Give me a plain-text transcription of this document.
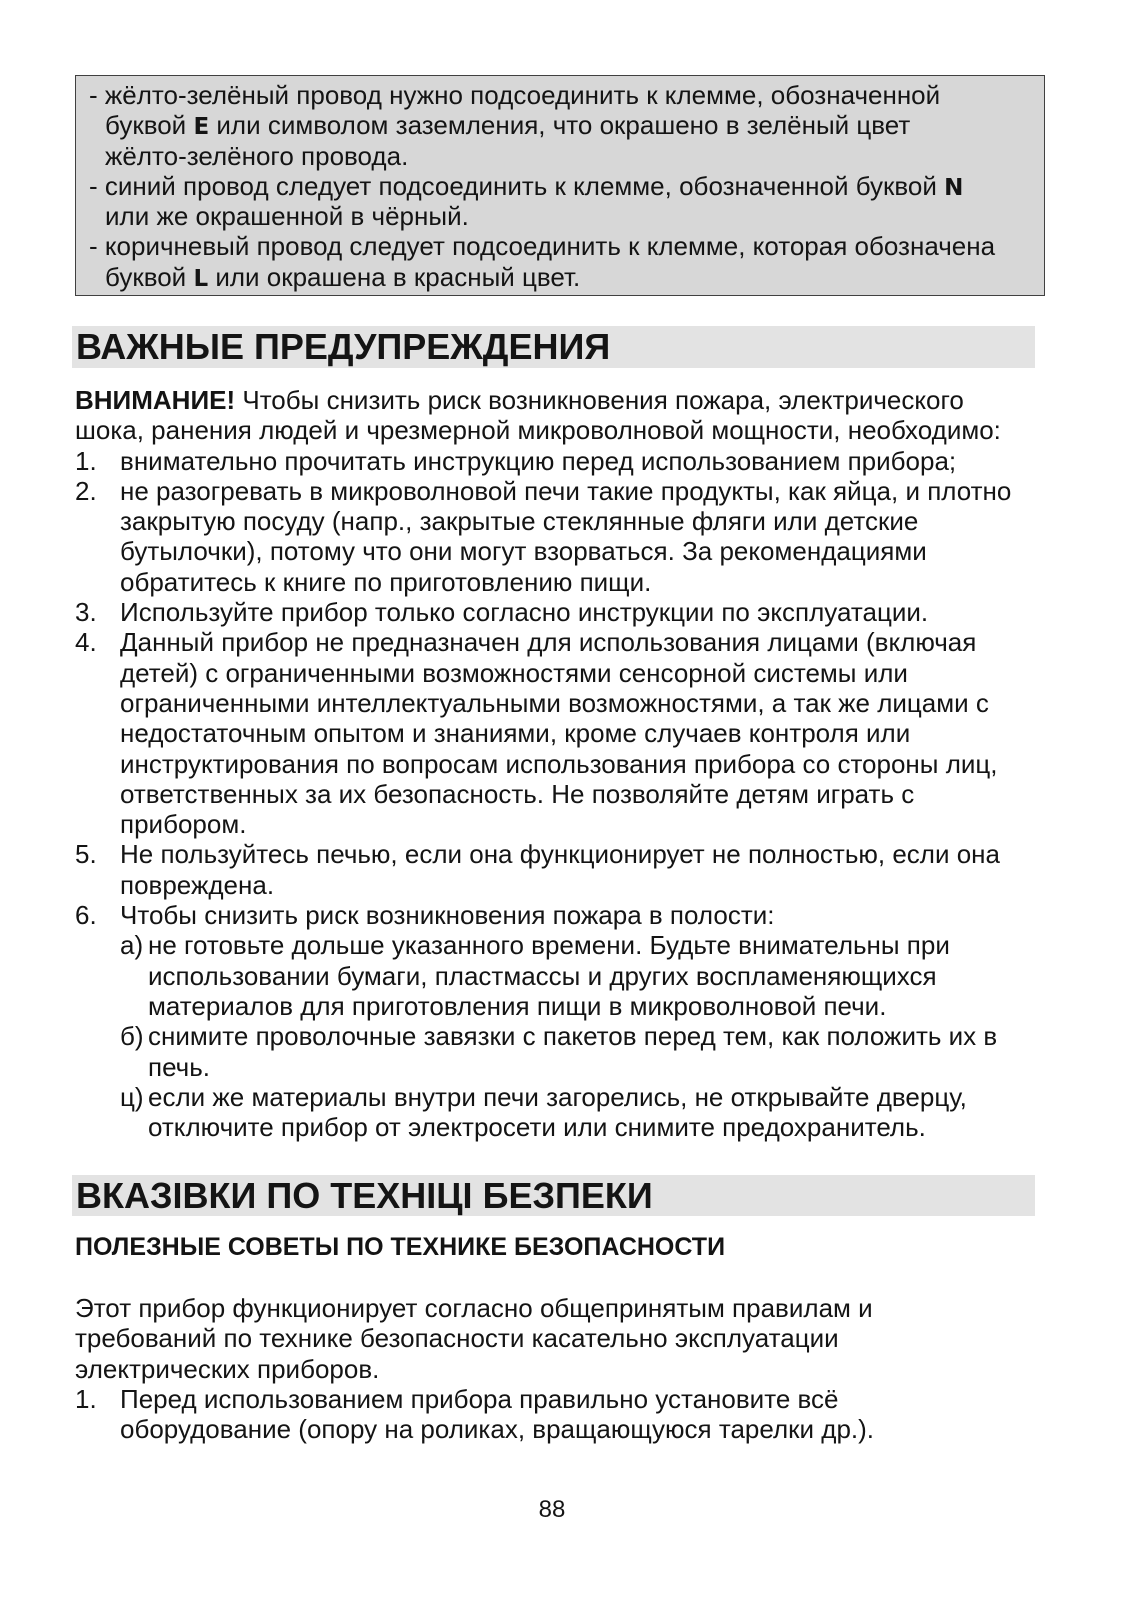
- жёлто-зелёный провод нужно подсоединить к клемме, обозначенной
буквой E или символом заземления, что окрашено в зелёный цвет
жёлто-зелёного провода.
- синий провод следует подсоединить к клемме, обозначенной буквой N
или же окрашенной в чёрный.
- коричневый провод следует подсоединить к клемме, которая обозначена
буквой L или окрашена в красный цвет.
ВАЖНЫЕ ПРЕДУПРЕЖДЕНИЯ
ВНИМАНИЕ! Чтобы снизить риск возникновения пожара, электрического
шока, ранения людей и чрезмерной микроволновой мощности, необходимо:
1. внимательно прочитать инструкцию перед использованием прибора;
2. не разогревать в микроволновой печи такие продукты, как яйца, и плотно
закрытую посуду (напр., закрытые стеклянные фляги или детские
бутылочки), потому что они могут взорваться. За рекомендациями
обратитесь к книге по приготовлению пищи.
3. Используйте прибор только согласно инструкции по эксплуатации.
4. Данный прибор не предназначен для использования лицами (включая
детей) с ограниченными возможностями сенсорной системы или
ограниченными интеллектуальными возможностями, а так же лицами с
недостаточным опытом и знаниями, кроме случаев контроля или
инструктирования по вопросам использования прибора со стороны лиц,
ответственных за их безопасность. Не позволяйте детям играть с
прибором.
5. Не пользуйтесь печью, если она функционирует не полностью, если она
повреждена.
6. Чтобы снизить риск возникновения пожара в полости:
а) не готовьте дольше указанного времени. Будьте внимательны при
использовании бумаги, пластмассы и других воспламеняющихся
материалов для приготовления пищи в микроволновой печи.
б) снимите проволочные завязки с пакетов перед тем, как положить их в
печь.
ц) если же материалы внутри печи загорелись, не открывайте дверцу,
отключите прибор от электросети или снимите предохранитель.
ВКАЗІВКИ ПО ТЕХНІЦІ БЕЗПЕКИ
ПОЛЕЗНЫЕ СОВЕТЫ ПО ТЕХНИКЕ БЕЗОПАСНОСТИ
Этот прибор функционирует согласно общепринятым правилам и
требований по технике безопасности касательно эксплуатации
электрических приборов.
1. Перед использованием прибора правильно установите всё
оборудование (опору на роликах, вращающуюся тарелки др.).
88
